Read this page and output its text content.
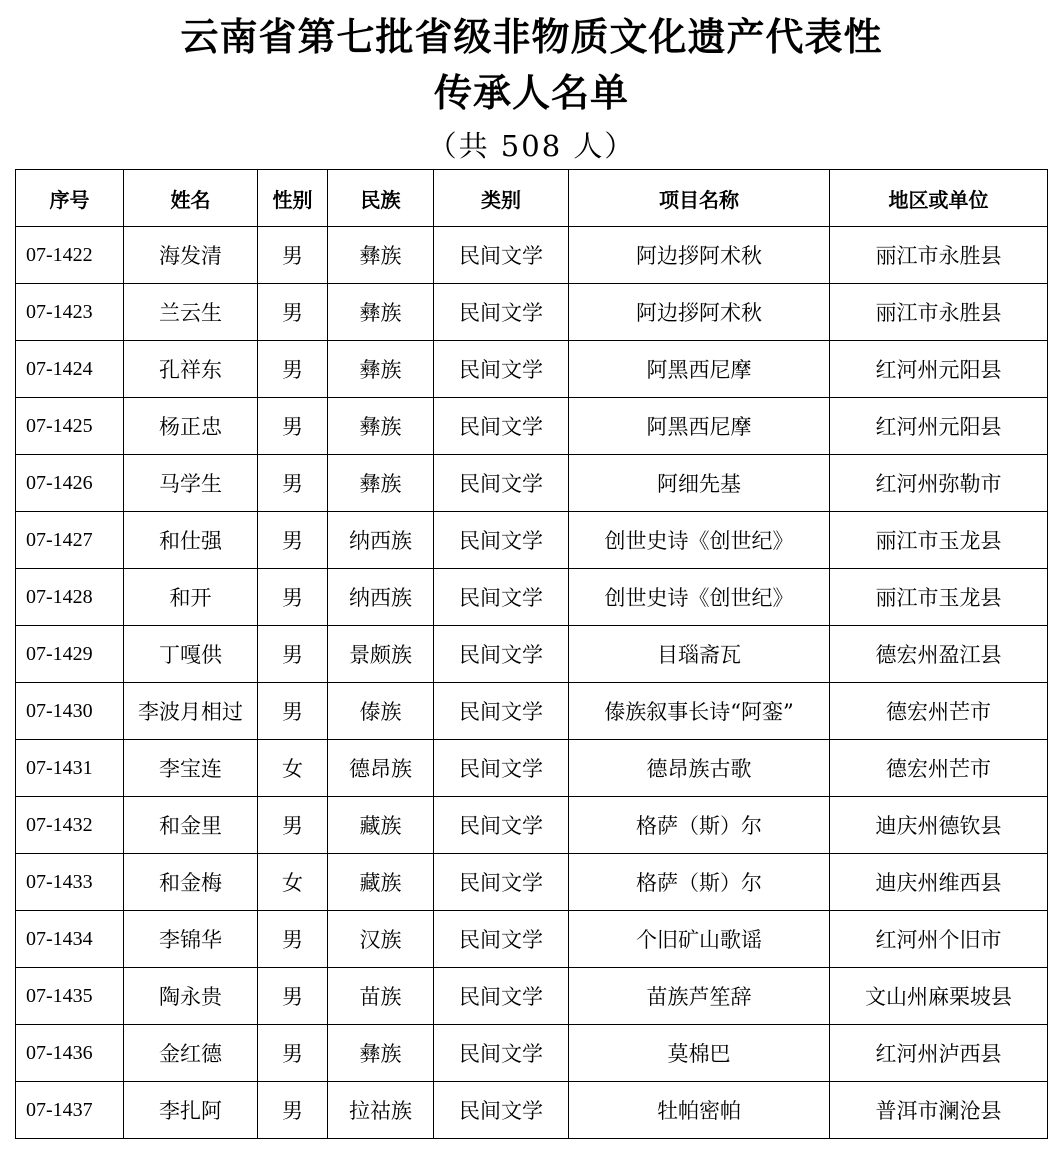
云南省第七批省级非物质文化遗产代表性
传承人名单
（共 508 人）
序号	姓名	性别	民族	类别	项目名称	地区或单位
07-1422	海发清	男	彝族	民间文学	阿边拶阿术秋	丽江市永胜县
07-1423	兰云生	男	彝族	民间文学	阿边拶阿术秋	丽江市永胜县
07-1424	孔祥东	男	彝族	民间文学	阿黑西尼摩	红河州元阳县
07-1425	杨正忠	男	彝族	民间文学	阿黑西尼摩	红河州元阳县
07-1426	马学生	男	彝族	民间文学	阿细先基	红河州弥勒市
07-1427	和仕强	男	纳西族	民间文学	创世史诗《创世纪》	丽江市玉龙县
07-1428	和开	男	纳西族	民间文学	创世史诗《创世纪》	丽江市玉龙县
07-1429	丁嘎供	男	景颇族	民间文学	目瑙斋瓦	德宏州盈江县
07-1430	李波月相过	男	傣族	民间文学	傣族叙事长诗“阿銮”	德宏州芒市
07-1431	李宝连	女	德昂族	民间文学	德昂族古歌	德宏州芒市
07-1432	和金里	男	藏族	民间文学	格萨（斯）尔	迪庆州德钦县
07-1433	和金梅	女	藏族	民间文学	格萨（斯）尔	迪庆州维西县
07-1434	李锦华	男	汉族	民间文学	个旧矿山歌谣	红河州个旧市
07-1435	陶永贵	男	苗族	民间文学	苗族芦笙辞	文山州麻栗坡县
07-1436	金红德	男	彝族	民间文学	莫棉巴	红河州泸西县
07-1437	李扎阿	男	拉祜族	民间文学	牡帕密帕	普洱市澜沧县
